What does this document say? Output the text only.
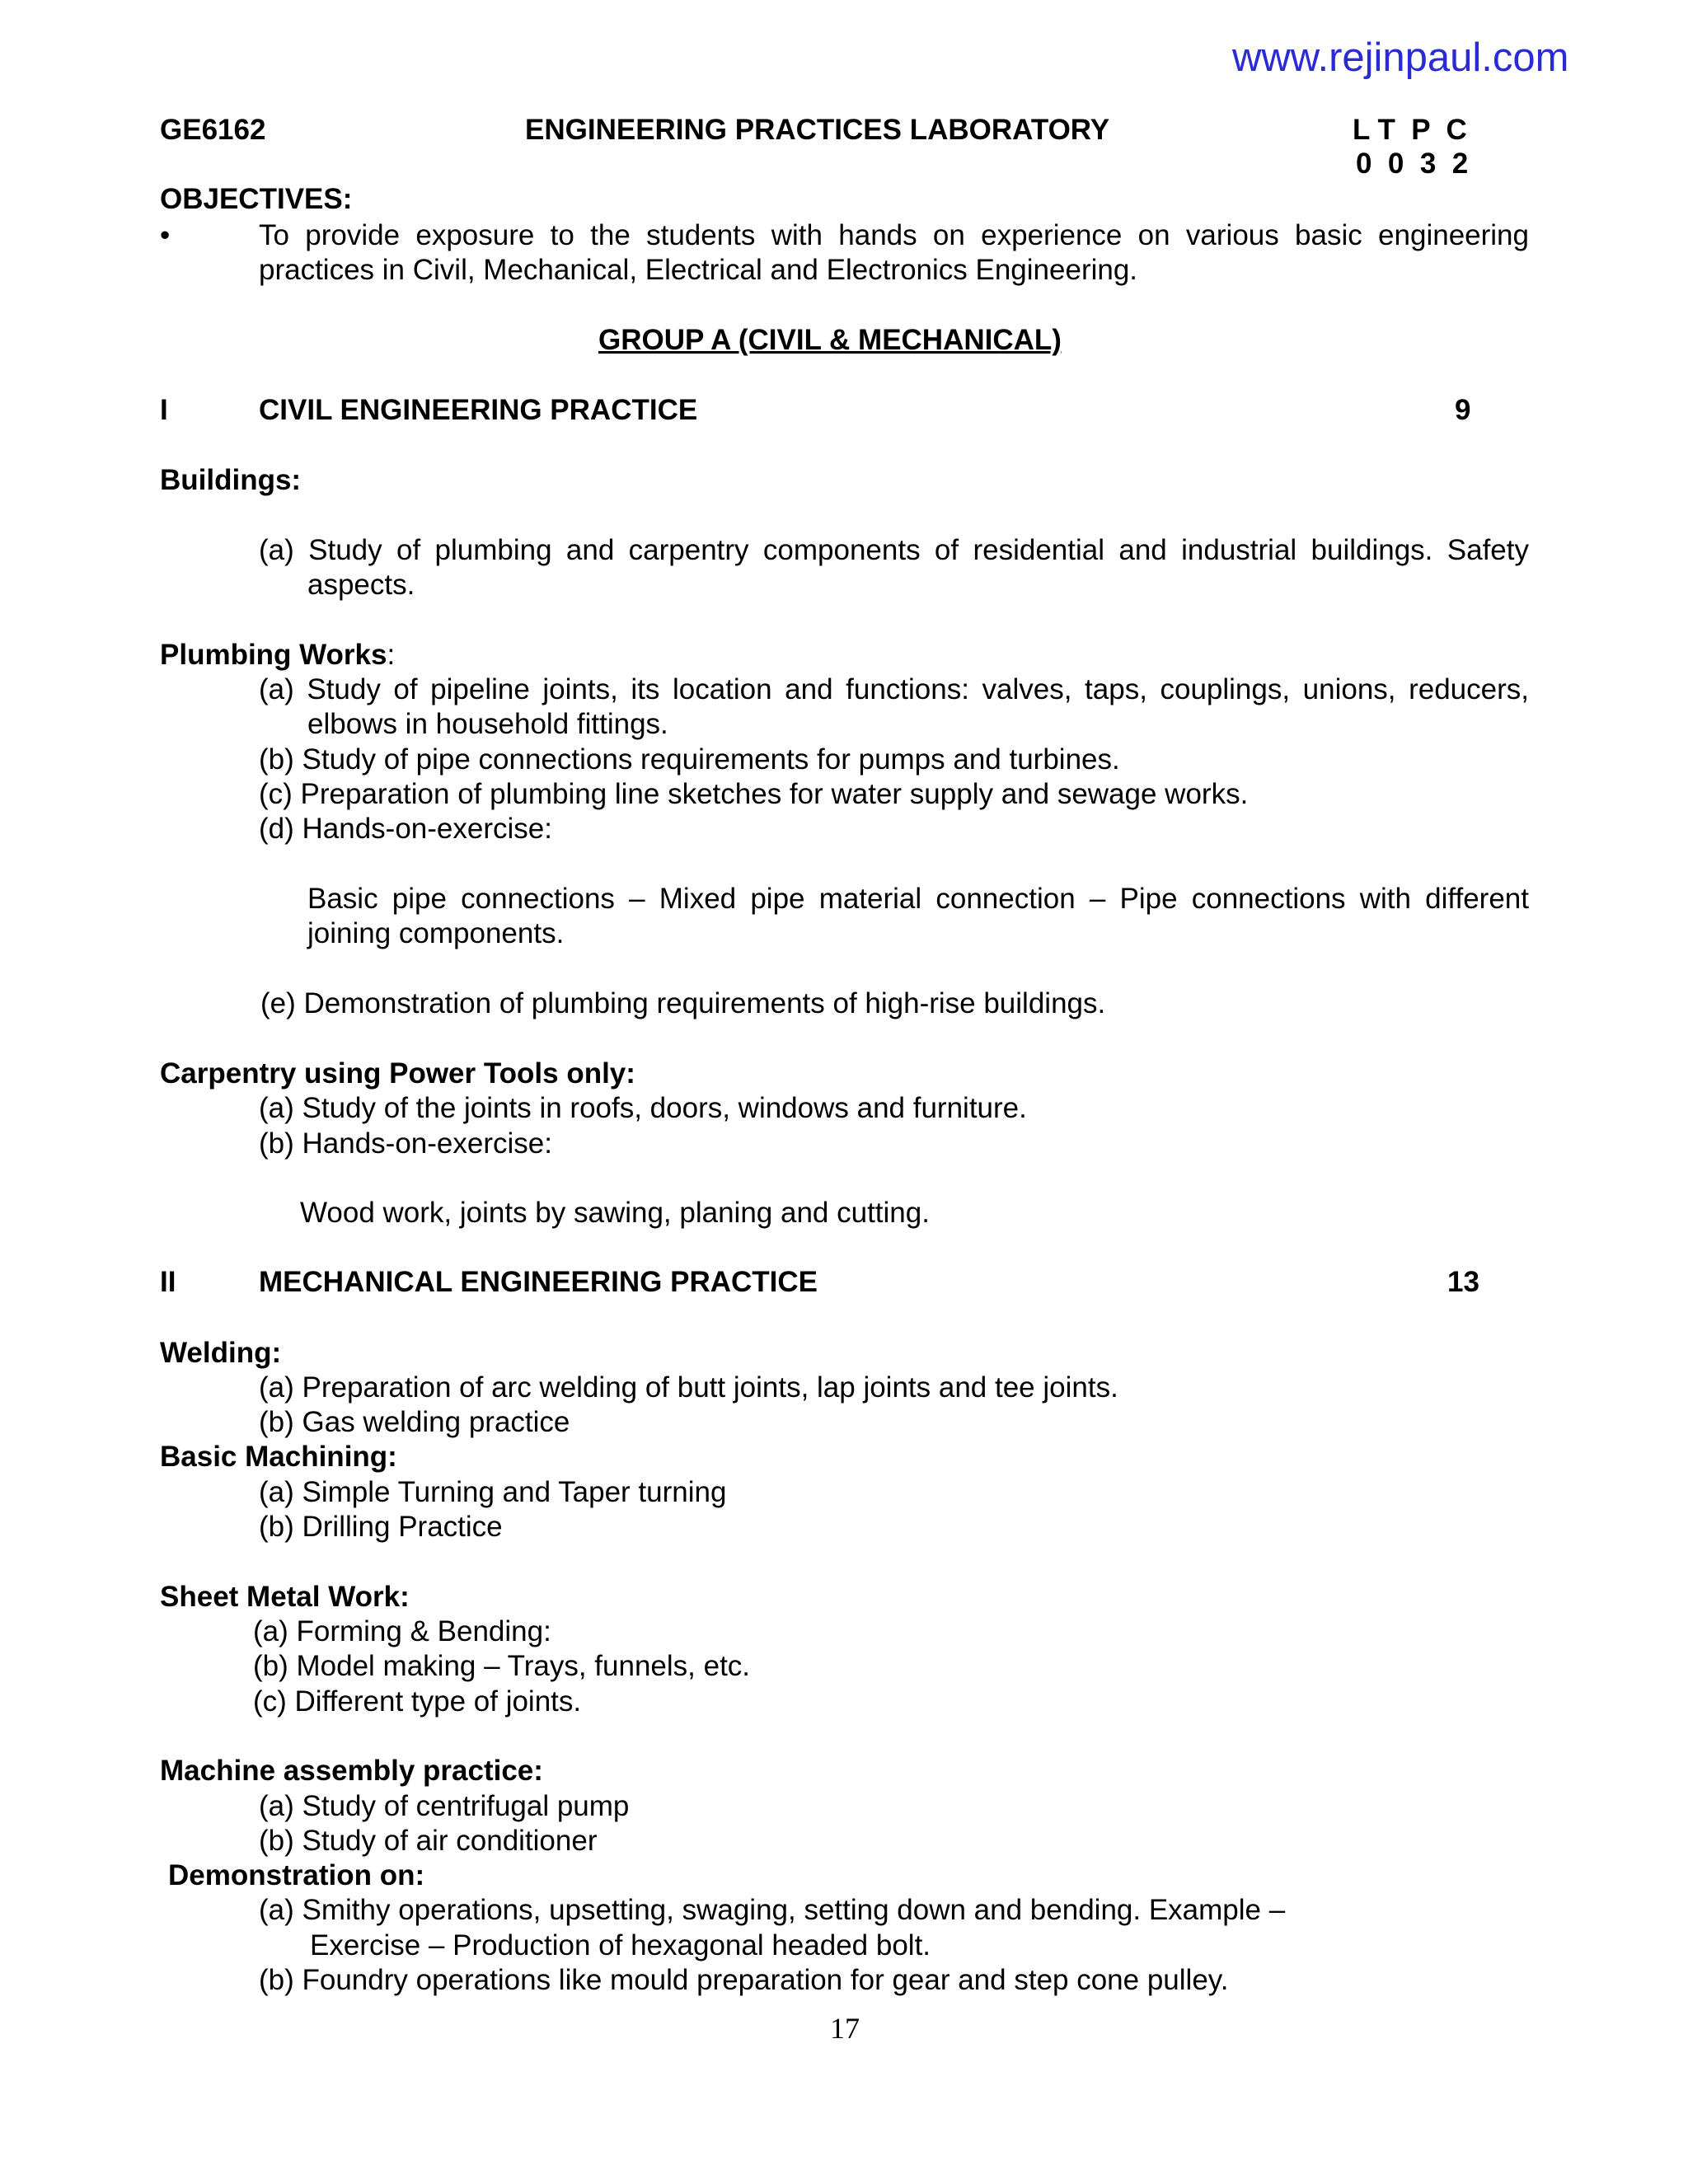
www.rejinpaul.com
GE6162	ENGINEERING PRACTICES LABORATORY	L T  P  C
0  0  3  2
OBJECTIVES:
•	To provide exposure to the students with hands on experience on various basic engineering
practices in Civil, Mechanical, Electrical and Electronics Engineering.
GROUP A (CIVIL & MECHANICAL)
I	CIVIL ENGINEERING PRACTICE	9
Buildings:
(a) Study of plumbing and carpentry components of residential and industrial buildings. Safety
aspects.
Plumbing Works:
(a) Study of pipeline joints, its location and functions: valves, taps, couplings, unions, reducers,
elbows in household fittings.
(b) Study of pipe connections requirements for pumps and turbines.
(c) Preparation of plumbing line sketches for water supply and sewage works.
(d) Hands-on-exercise:
Basic pipe connections – Mixed pipe material connection – Pipe connections with different
joining components.
(e) Demonstration of plumbing requirements of high-rise buildings.
Carpentry using Power Tools only:
(a) Study of the joints in roofs, doors, windows and furniture.
(b) Hands-on-exercise:
Wood work, joints by sawing, planing and cutting.
II	MECHANICAL ENGINEERING PRACTICE	13
Welding:
(a) Preparation of arc welding of butt joints, lap joints and tee joints.
(b) Gas welding practice
Basic Machining:
(a) Simple Turning and Taper turning
(b) Drilling Practice
Sheet Metal Work:
(a) Forming & Bending:
(b) Model making – Trays, funnels, etc.
(c) Different type of joints.
Machine assembly practice:
(a) Study of centrifugal pump
(b) Study of air conditioner
Demonstration on:
(a) Smithy operations, upsetting, swaging, setting down and bending. Example –
Exercise – Production of hexagonal headed bolt.
(b) Foundry operations like mould preparation for gear and step cone pulley.
17
